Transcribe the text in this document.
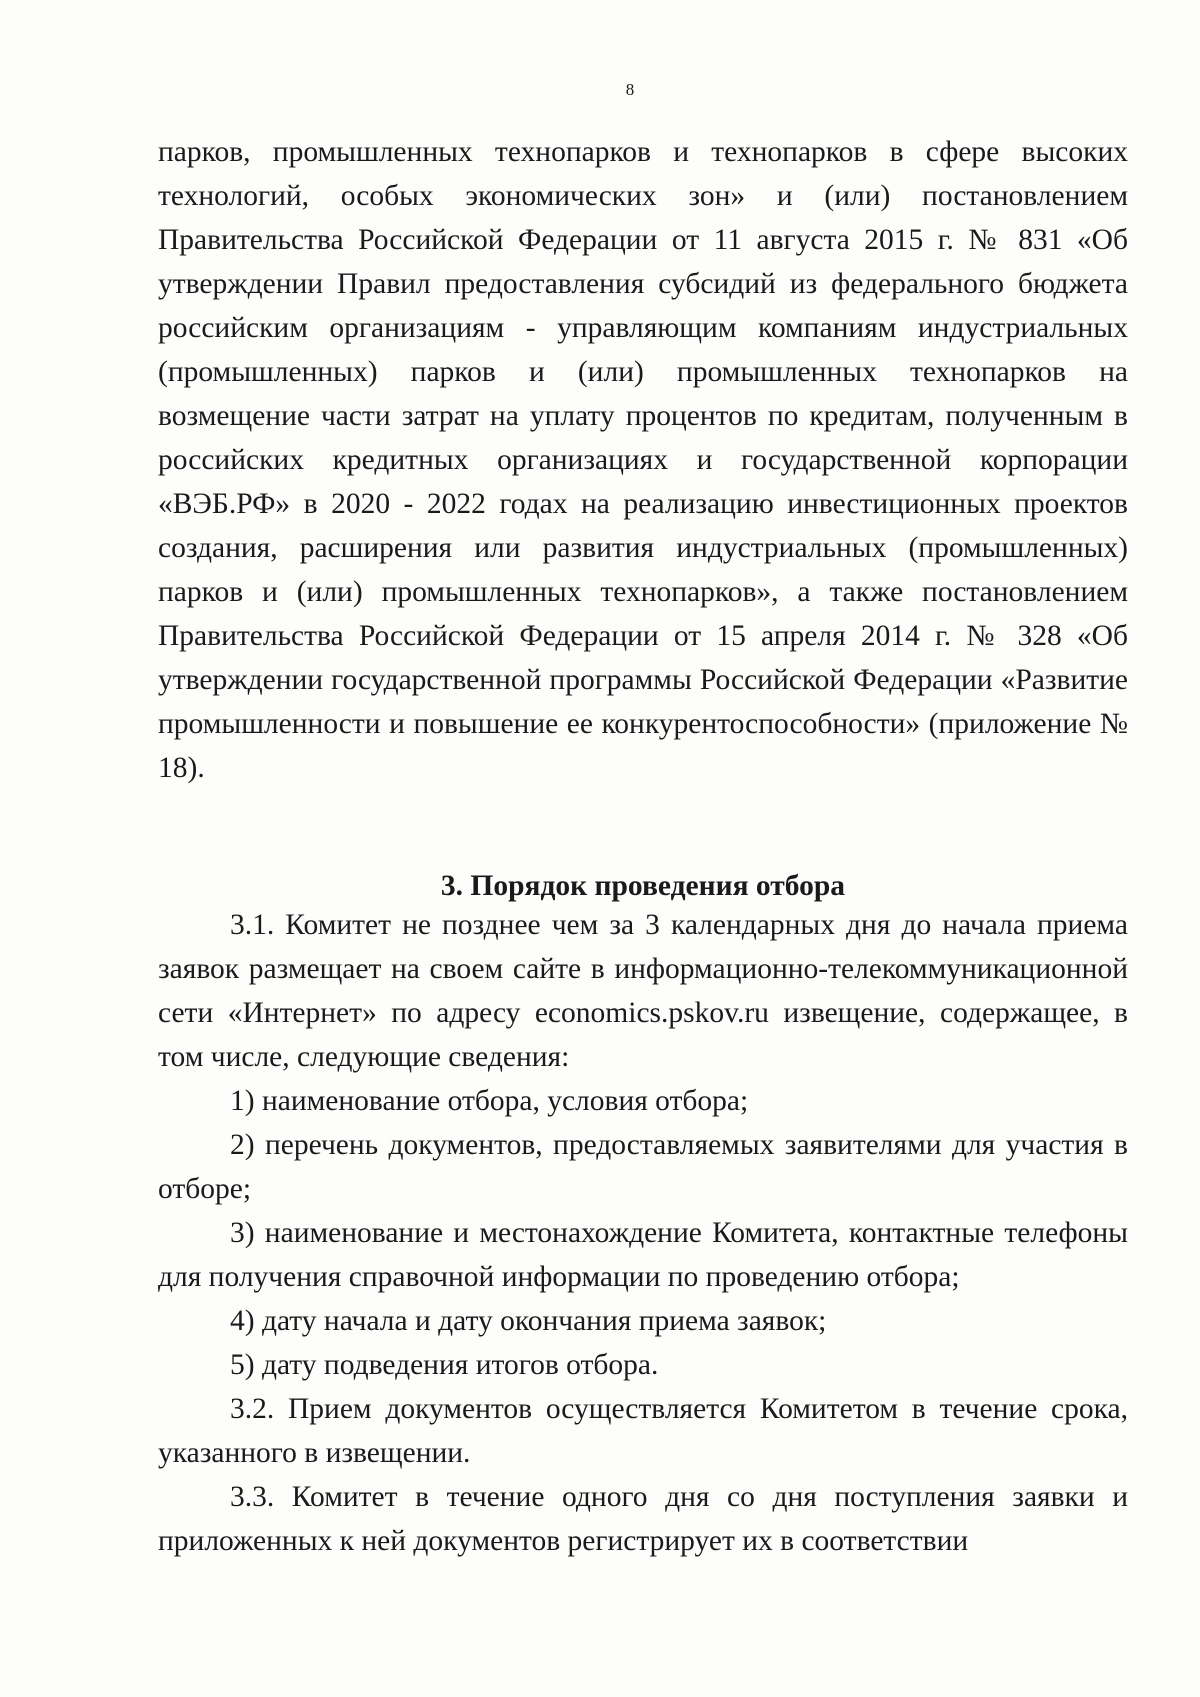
8

парков, промышленных технопарков и технопарков в сфере высоких технологий, особых экономических зон» и (или) постановлением Правительства Российской Федерации от 11 августа 2015 г. № 831 «Об утверждении Правил предоставления субсидий из федерального бюджета российским организациям - управляющим компаниям индустриальных (промышленных) парков и (или) промышленных технопарков на возмещение части затрат на уплату процентов по кредитам, полученным в российских кредитных организациях и государственной корпорации «ВЭБ.РФ» в 2020 - 2022 годах на реализацию инвестиционных проектов создания, расширения или развития индустриальных (промышленных) парков и (или) промышленных технопарков», а также постановлением Правительства Российской Федерации от 15 апреля 2014 г. № 328 «Об утверждении государственной программы Российской Федерации «Развитие промышленности и повышение ее конкурентоспособности» (приложение № 18).

3. Порядок проведения отбора

3.1. Комитет не позднее чем за 3 календарных дня до начала приема заявок размещает на своем сайте в информационно-телекоммуникационной сети «Интернет» по адресу economics.pskov.ru извещение, содержащее, в том числе, следующие сведения:

1) наименование отбора, условия отбора;

2) перечень документов, предоставляемых заявителями для участия в отборе;

3) наименование и местонахождение Комитета, контактные телефоны для получения справочной информации по проведению отбора;

4) дату начала и дату окончания приема заявок;

5) дату подведения итогов отбора.

3.2. Прием документов осуществляется Комитетом в течение срока, указанного в извещении.

3.3. Комитет в течение одного дня со дня поступления заявки и приложенных к ней документов регистрирует их в соответствии
